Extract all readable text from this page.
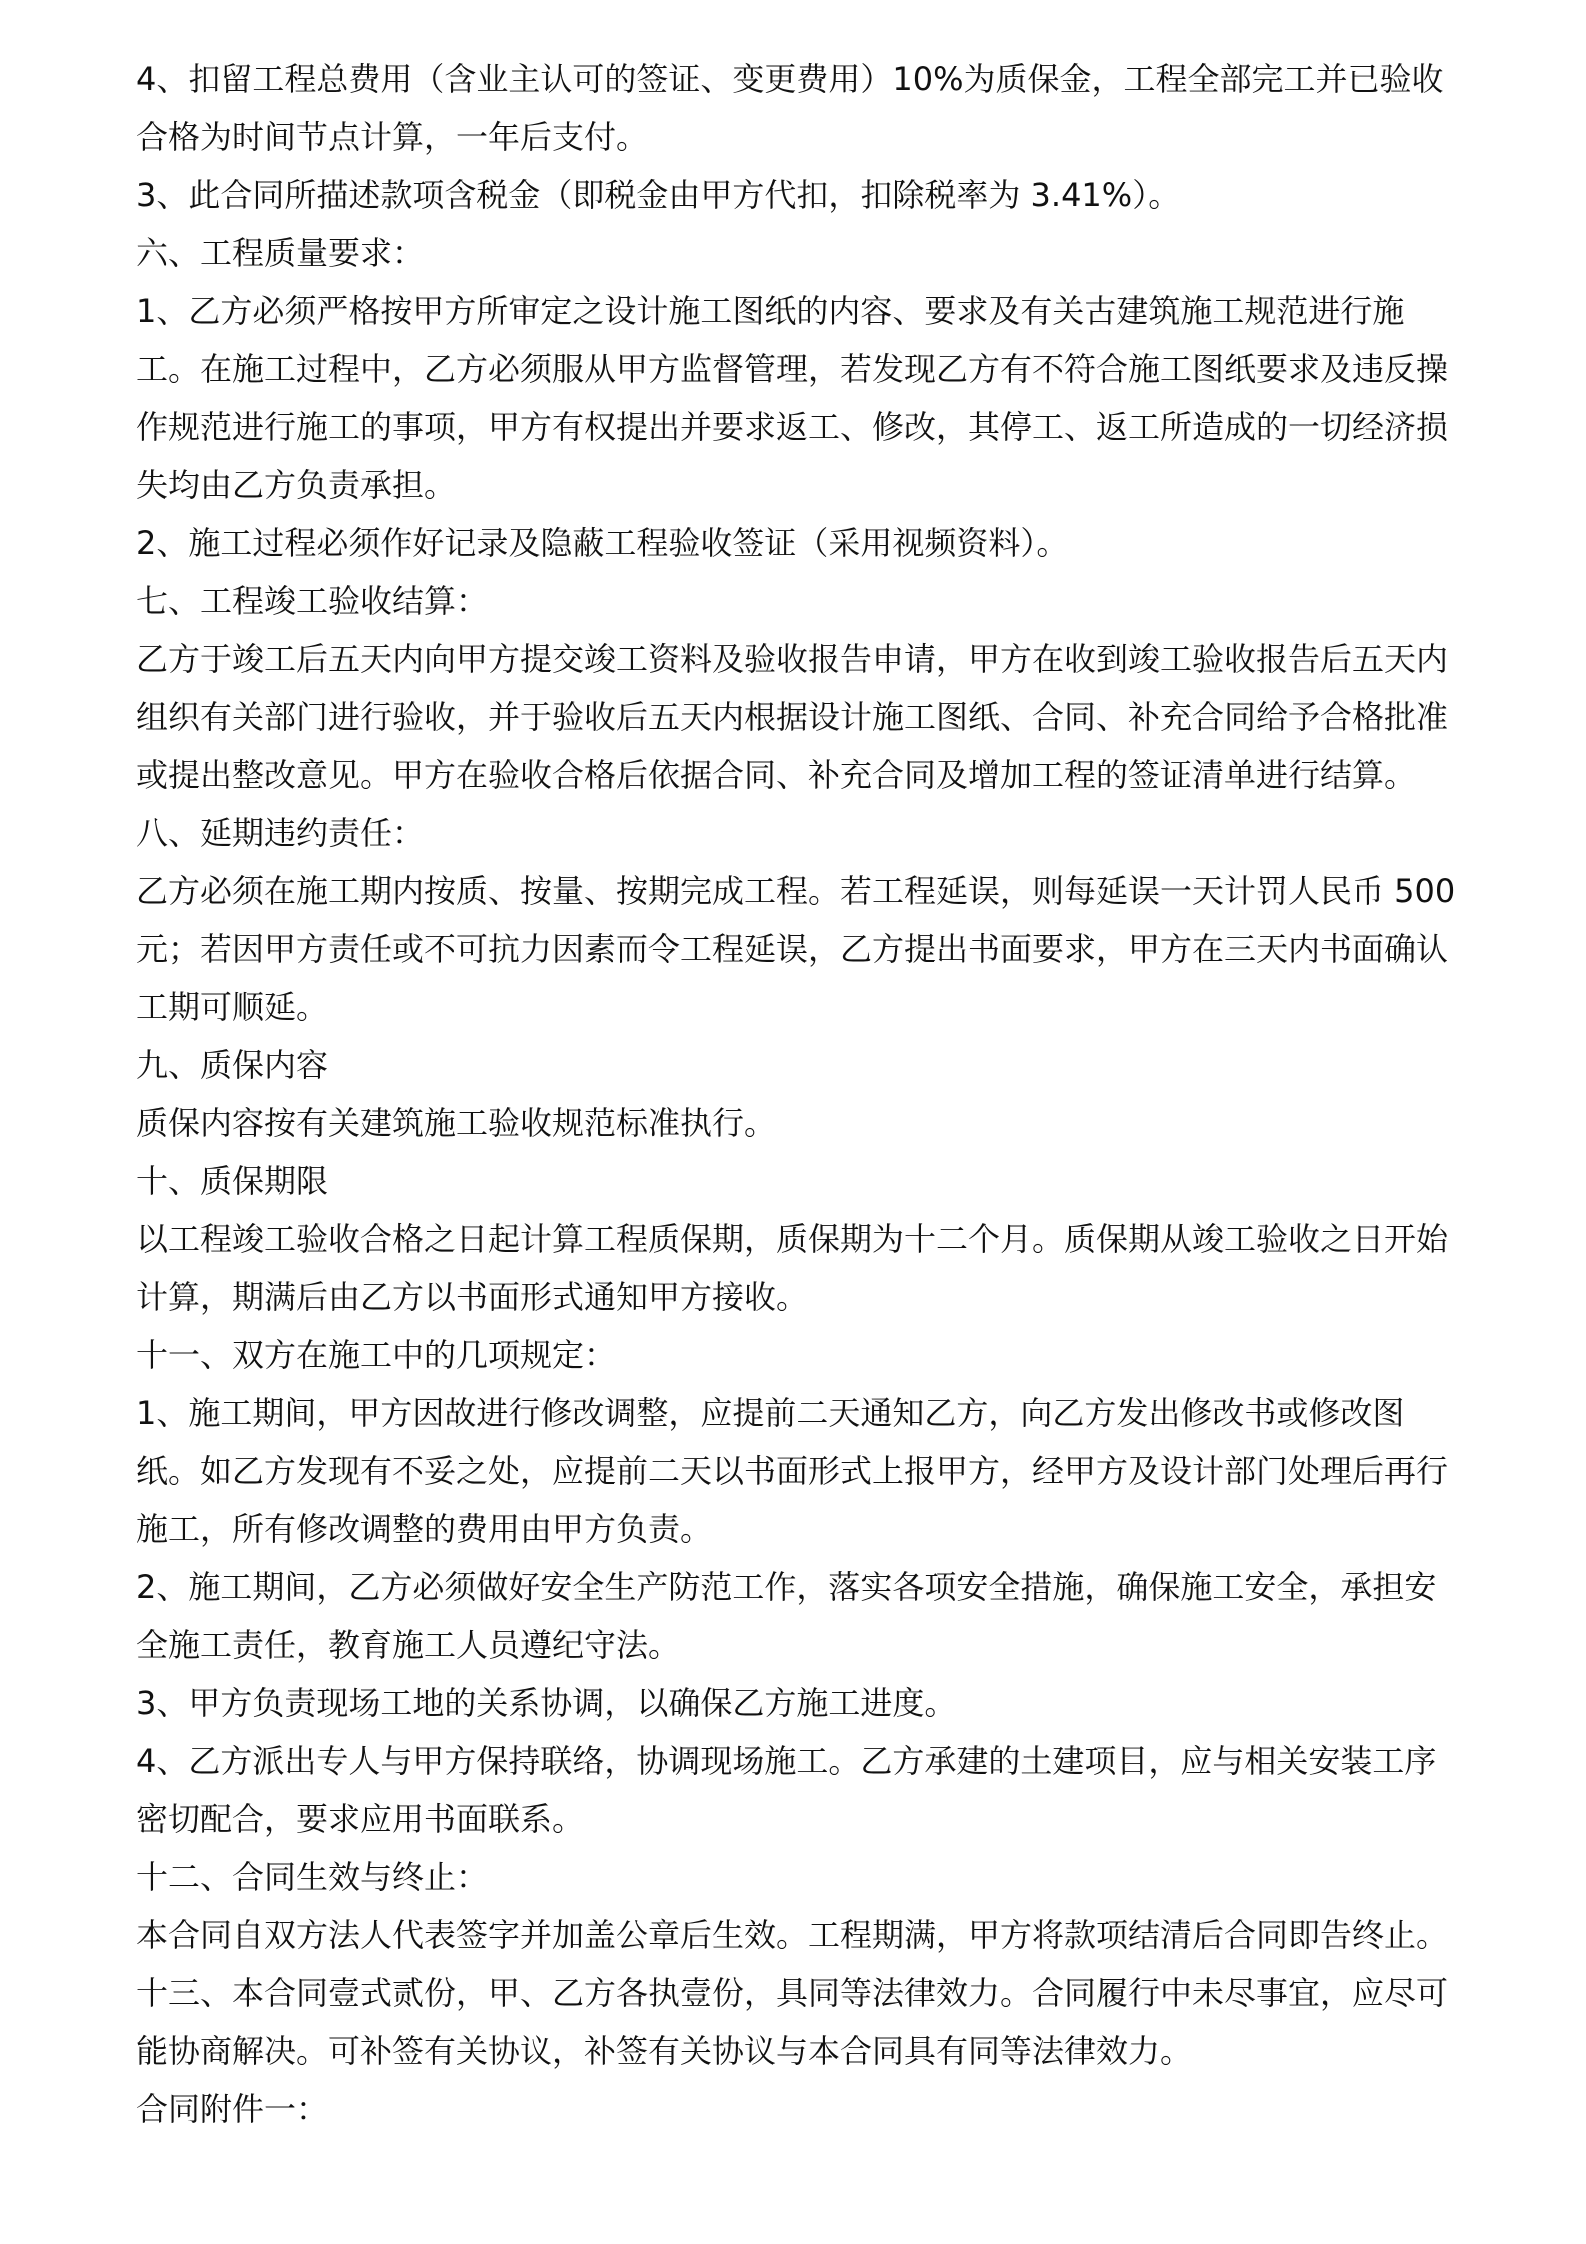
4、扣留工程总费用（含业主认可的签证、变更费用）10%为质保金，工程全部完工并已验收合格为时间节点计算，一年后支付。

3、此合同所描述款项含税金（即税金由甲方代扣，扣除税率为 3.41%）。

六、工程质量要求：

1、乙方必须严格按甲方所审定之设计施工图纸的内容、要求及有关古建筑施工规范进行施工。在施工过程中，乙方必须服从甲方监督管理，若发现乙方有不符合施工图纸要求及违反操作规范进行施工的事项，甲方有权提出并要求返工、修改，其停工、返工所造成的一切经济损失均由乙方负责承担。

2、施工过程必须作好记录及隐蔽工程验收签证（采用视频资料）。

七、工程竣工验收结算：

乙方于竣工后五天内向甲方提交竣工资料及验收报告申请，甲方在收到竣工验收报告后五天内组织有关部门进行验收，并于验收后五天内根据设计施工图纸、合同、补充合同给予合格批准或提出整改意见。甲方在验收合格后依据合同、补充合同及增加工程的签证清单进行结算。

八、延期违约责任：

乙方必须在施工期内按质、按量、按期完成工程。若工程延误，则每延误一天计罚人民币 500元；若因甲方责任或不可抗力因素而令工程延误，乙方提出书面要求，甲方在三天内书面确认工期可顺延。

九、质保内容

质保内容按有关建筑施工验收规范标准执行。

十、质保期限

以工程竣工验收合格之日起计算工程质保期，质保期为十二个月。质保期从竣工验收之日开始计算，期满后由乙方以书面形式通知甲方接收。

十一、双方在施工中的几项规定：

1、施工期间，甲方因故进行修改调整，应提前二天通知乙方，向乙方发出修改书或修改图纸。如乙方发现有不妥之处，应提前二天以书面形式上报甲方，经甲方及设计部门处理后再行施工，所有修改调整的费用由甲方负责。

2、施工期间，乙方必须做好安全生产防范工作，落实各项安全措施，确保施工安全，承担安全施工责任，教育施工人员遵纪守法。

3、甲方负责现场工地的关系协调，以确保乙方施工进度。

4、乙方派出专人与甲方保持联络，协调现场施工。乙方承建的土建项目，应与相关安装工序密切配合，要求应用书面联系。

十二、合同生效与终止：

本合同自双方法人代表签字并加盖公章后生效。工程期满，甲方将款项结清后合同即告终止。

十三、本合同壹式贰份，甲、乙方各执壹份，具同等法律效力。合同履行中未尽事宜，应尽可能协商解决。可补签有关协议，补签有关协议与本合同具有同等法律效力。

合同附件一：
